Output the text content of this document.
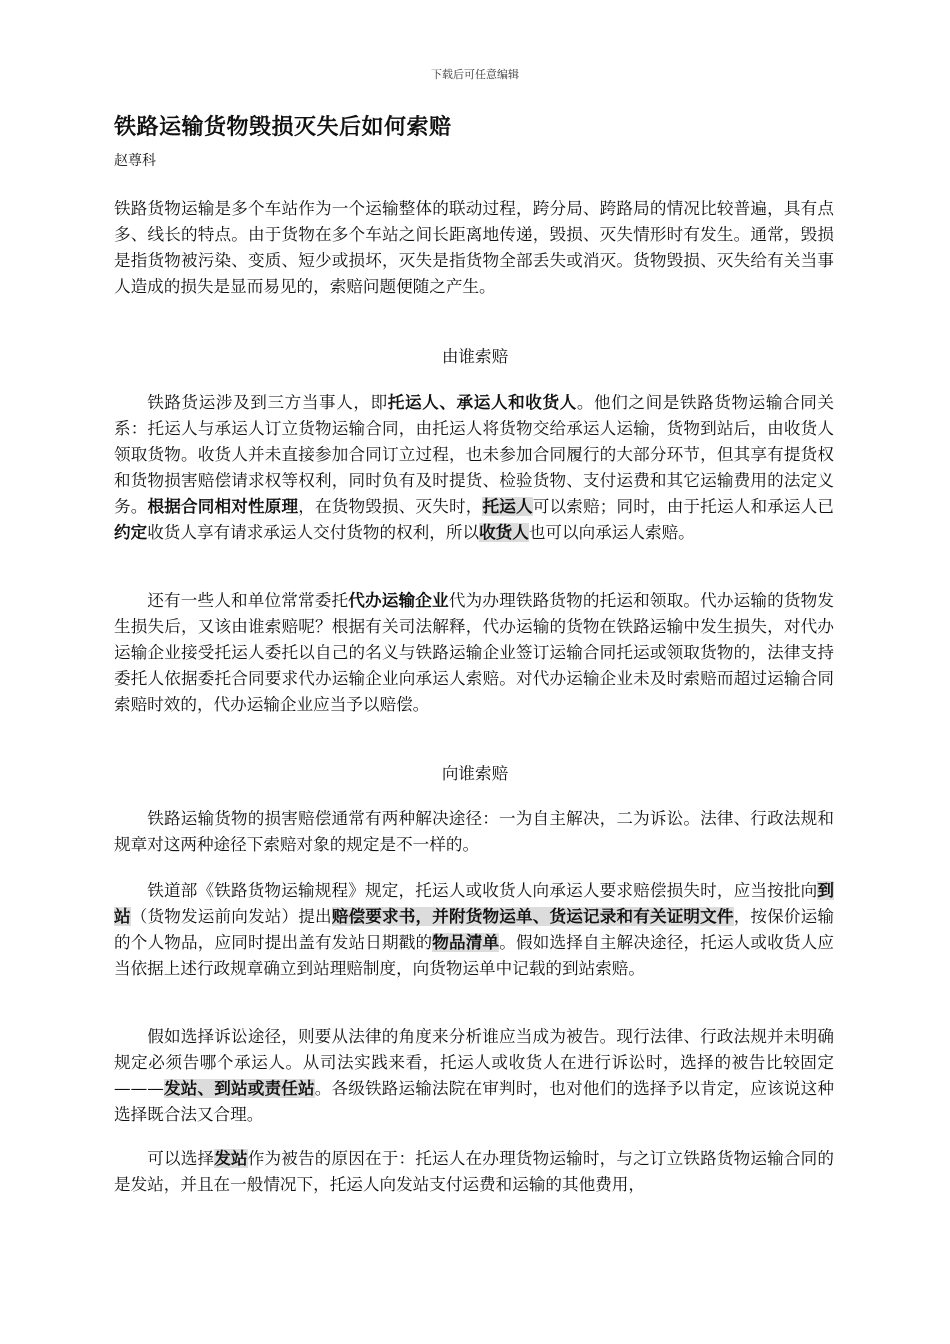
下载后可任意编辑
铁路运输货物毁损灭失后如何索赔
赵尊科

铁路货物运输是多个车站作为一个运输整体的联动过程，跨分局、跨路局的情况比较普遍，具有点多、线长的特点。由于货物在多个车站之间长距离地传递，毁损、灭失情形时有发生。通常，毁损是指货物被污染、变质、短少或损坏，灭失是指货物全部丢失或消灭。货物毁损、灭失给有关当事人造成的损失是显而易见的，索赔问题便随之产生。

由谁索赔

铁路货运涉及到三方当事人，即托运人、承运人和收货人。他们之间是铁路货物运输合同关系：托运人与承运人订立货物运输合同，由托运人将货物交给承运人运输，货物到站后，由收货人领取货物。收货人并未直接参加合同订立过程，也未参加合同履行的大部分环节，但其享有提货权和货物损害赔偿请求权等权利，同时负有及时提货、检验货物、支付运费和其它运输费用的法定义务。根据合同相对性原理，在货物毁损、灭失时，托运人可以索赔；同时，由于托运人和承运人已约定收货人享有请求承运人交付货物的权利，所以收货人也可以向承运人索赔。

还有一些人和单位常常委托代办运输企业代为办理铁路货物的托运和领取。代办运输的货物发生损失后，又该由谁索赔呢？根据有关司法解释，代办运输的货物在铁路运输中发生损失，对代办运输企业接受托运人委托以自己的名义与铁路运输企业签订运输合同托运或领取货物的，法律支持委托人依据委托合同要求代办运输企业向承运人索赔。对代办运输企业未及时索赔而超过运输合同索赔时效的，代办运输企业应当予以赔偿。

向谁索赔

铁路运输货物的损害赔偿通常有两种解决途径：一为自主解决，二为诉讼。法律、行政法规和规章对这两种途径下索赔对象的规定是不一样的。

铁道部《铁路货物运输规程》规定，托运人或收货人向承运人要求赔偿损失时，应当按批向到站（货物发运前向发站）提出赔偿要求书，并附货物运单、货运记录和有关证明文件，按保价运输的个人物品，应同时提出盖有发站日期戳的物品清单。假如选择自主解决途径，托运人或收货人应当依据上述行政规章确立到站理赔制度，向货物运单中记载的到站索赔。

假如选择诉讼途径，则要从法律的角度来分析谁应当成为被告。现行法律、行政法规并未明确规定必须告哪个承运人。从司法实践来看，托运人或收货人在进行诉讼时，选择的被告比较固定———发站、到站或责任站。各级铁路运输法院在审判时，也对他们的选择予以肯定，应该说这种选择既合法又合理。

可以选择发站作为被告的原因在于：托运人在办理货物运输时，与之订立铁路货物运输合同的是发站，并且在一般情况下，托运人向发站支付运费和运输的其他费用，
